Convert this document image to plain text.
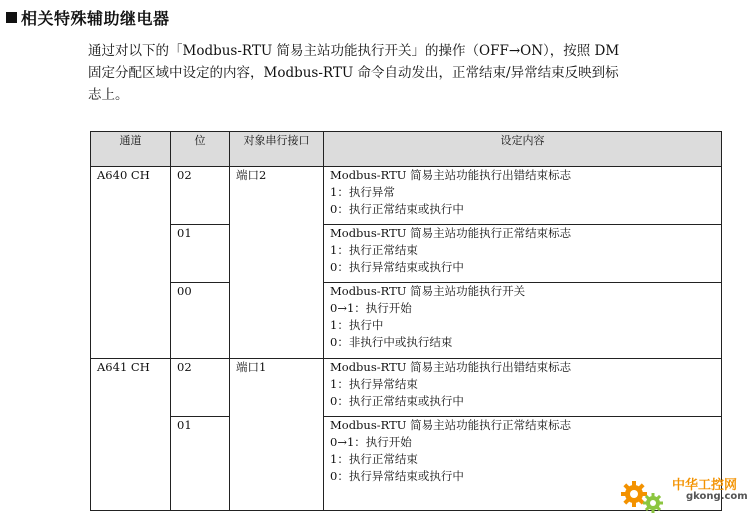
相关特殊辅助继电器
通过对以下的「Modbus-RTU 简易主站功能执行开关」的操作（OFF→ON），按照 DM
固定分配区域中设定的内容，Modbus-RTU 命令自动发出，正常结束/异常结束反映到标
志上。
通道	位	对象串行接口	设定内容
A640 CH	02	端口2	Modbus-RTU 简易主站功能执行出错结束标志
1：执行异常
0：执行正常结束或执行中

	01		Modbus-RTU 简易主站功能执行正常结束标志
1：执行正常结束
0：执行异常结束或执行中

	00		Modbus-RTU 简易主站功能执行开关
0→1：执行开始
1：执行中
0：非执行中或执行结束

A641 CH	02	端口1	Modbus-RTU 简易主站功能执行出错结束标志
1：执行异常结束
0：执行正常结束或执行中

	01		Modbus-RTU 简易主站功能执行正常结束标志
0→1：执行开始
1：执行正常结束
0：执行异常结束或执行中
中华工控网
gkong.com
